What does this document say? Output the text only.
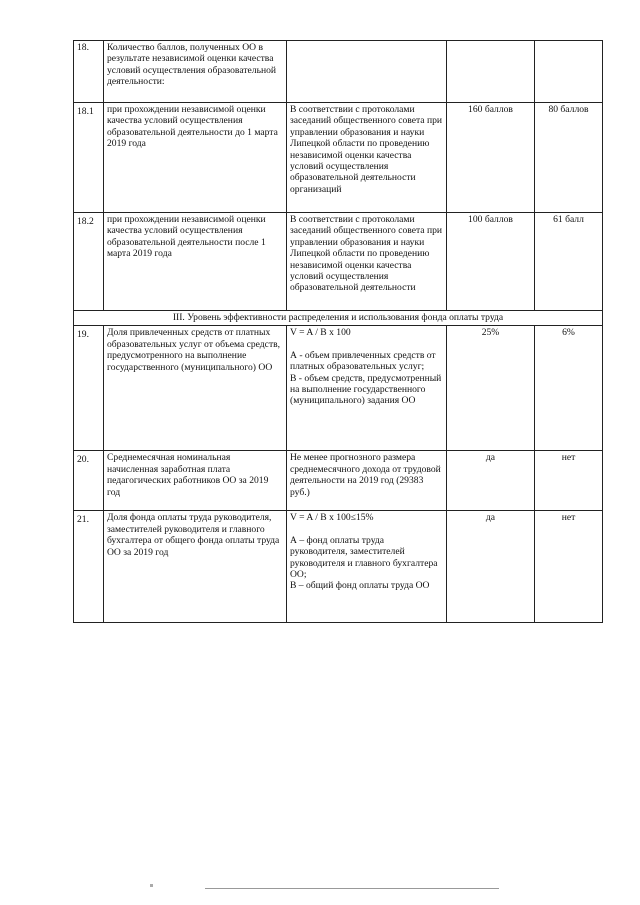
18.	Количество баллов, полученных ОО в результате независимой оценки качества условий осуществления образовательной деятельности:			
18.1	при прохождении независимой оценки качества условий осуществления образовательной деятельности до 1 марта 2019 года	В соответствии с протоколами заседаний общественного совета при управлении образования и науки Липецкой области по проведению независимой оценки качества условий осуществления образовательной деятельности организаций	160 баллов	80 баллов
18.2	при прохождении независимой оценки качества условий осуществления образовательной деятельности после 1 марта 2019 года	В соответствии с протоколами заседаний общественного совета при управлении образования и науки Липецкой области по проведению независимой оценки качества условий осуществления образовательной деятельности	100 баллов	61 балл
III. Уровень эффективности распределения и использования фонда оплаты труда				
19.	Доля привлеченных средств от платных образовательных услуг от объема средств, предусмотренного на выполнение государственного (муниципального) ОО	V = A / B x 100
А - объем привлеченных средств от платных образовательных услуг;
В - объем средств, предусмотренный на выполнение государственного (муниципального) задания ОО	25%	6%
20.	Среднемесячная номинальная начисленная заработная плата педагогических работников ОО за 2019 год	Не менее прогнозного размера среднемесячного дохода от трудовой деятельности на 2019 год (29383 руб.)	да	нет
21.	Доля фонда оплаты труда руководителя, заместителей руководителя и главного бухгалтера от общего фонда оплаты труда ОО за 2019 год	V = A / B x 100≤15%
А – фонд оплаты труда руководителя, заместителей руководителя и главного бухгалтера ОО;
В – общий фонд оплаты труда ОО	да	нет
